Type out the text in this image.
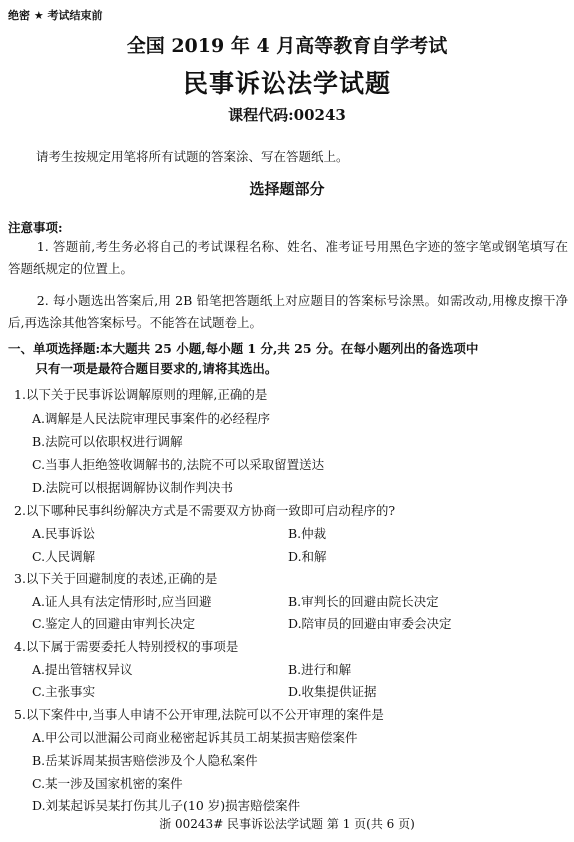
绝密 ★ 考试结束前
全国 2019 年 4 月高等教育自学考试
民事诉讼法学试题
课程代码:00243
请考生按规定用笔将所有试题的答案涂、写在答题纸上。
选择题部分
注意事项:
1. 答题前,考生务必将自己的考试课程名称、姓名、准考证号用黑色字迹的签字笔或钢笔填写在答题纸规定的位置上。
2. 每小题选出答案后,用 2B 铅笔把答题纸上对应题目的答案标号涂黑。如需改动,用橡皮擦干净后,再选涂其他答案标号。不能答在试题卷上。
一、单项选择题:本大题共 25 小题,每小题 1 分,共 25 分。在每小题列出的备选项中
只有一项是最符合题目要求的,请将其选出。
1.以下关于民事诉讼调解原则的理解,正确的是
A.调解是人民法院审理民事案件的必经程序
B.法院可以依职权进行调解
C.当事人拒绝签收调解书的,法院不可以采取留置送达
D.法院可以根据调解协议制作判决书
2.以下哪种民事纠纷解决方式是不需要双方协商一致即可启动程序的?
A.民事诉讼	B.仲裁
C.人民调解	D.和解
3.以下关于回避制度的表述,正确的是
A.证人具有法定情形时,应当回避	B.审判长的回避由院长决定
C.鉴定人的回避由审判长决定	D.陪审员的回避由审委会决定
4.以下属于需要委托人特别授权的事项是
A.提出管辖权异议	B.进行和解
C.主张事实	D.收集提供证据
5.以下案件中,当事人申请不公开审理,法院可以不公开审理的案件是
A.甲公司以泄漏公司商业秘密起诉其员工胡某损害赔偿案件
B.岳某诉周某损害赔偿涉及个人隐私案件
C.某一涉及国家机密的案件
D.刘某起诉吴某打伤其儿子(10 岁)损害赔偿案件
浙 00243# 民事诉讼法学试题 第 1 页(共 6 页)
